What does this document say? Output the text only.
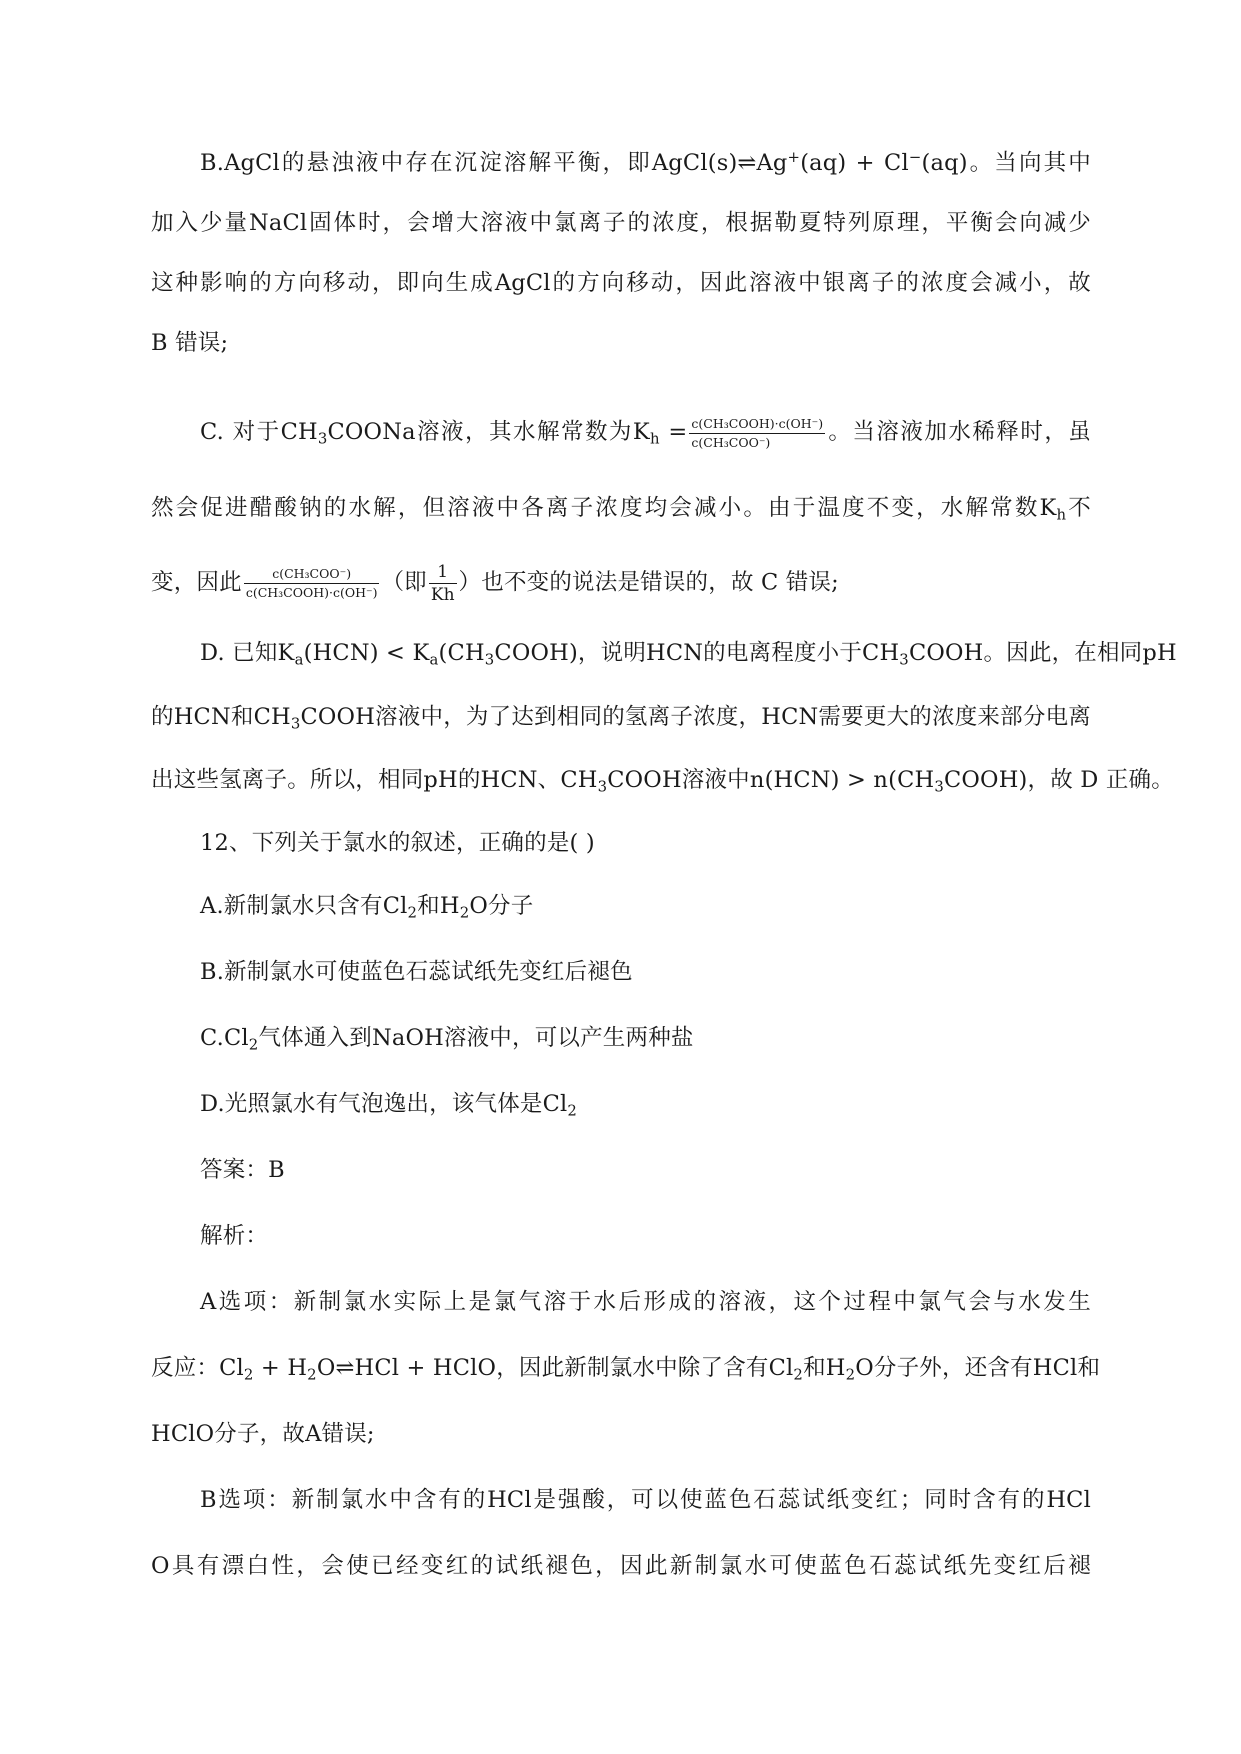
B.AgCl的悬浊液中存在沉淀溶解平衡，即AgCl(s)⇌Ag+(aq) + Cl−(aq)。当向其中
加入少量NaCl固体时，会增大溶液中氯离子的浓度，根据勒夏特列原理，平衡会向减少
这种影响的方向移动，即向生成AgCl的方向移动，因此溶液中银离子的浓度会减小，故
B 错误;
C. 对于$CH_3COONa$溶液，其水解常数为$K_h = \frac{\text{c(CH₃COOH)·c(OH⁻)}}{\text{c(CH₃COO⁻)}}$ 。当溶液加水稀释时，虽
然会促进醋酸钠的水解，但溶液中各离子浓度均会减小。由于温度不变，水解常数$K_h$不
变，因此 $\frac{\text{c(CH₃COO⁻)}}{\text{c(CH₃COOH)·c(OH⁻)}}$ （即 $\frac{1}{Kh}$ ）也不变的说法是错误的，故 C 错误;
D. 已知$K_a(HCN)$ < $K_a(CH_3COOH)$，说明HCN的电离程度小于$CH_3COOH$。因此，在相同pH
的HCN和$CH_3COOH$溶液中，为了达到相同的氢离子浓度，HCN需要更大的浓度来部分电离
出这些氢离子。所以，相同pH的HCN、$CH_3COOH$溶液中$n(HCN) > n(CH_3COOH)$，故 D 正确。
12、下列关于氯水的叙述，正确的是( )
A.新制氯水只含有$Cl_2$和$H_2O$分子
B.新制氯水可使蓝色石蕊试纸先变红后褪色
$C.Cl_2$气体通入到NaOH溶液中，可以产生两种盐
D.光照氯水有气泡逸出，该气体是$Cl_2$
答案：B
解析：
A选项：新制氯水实际上是氯气溶于水后形成的溶液，这个过程中氯气会与水发生
反应：$Cl_2$ + $H_2O\rightleftharpoons HCl$ + HClO，因此新制氯水中除了含有$Cl_2$和$H_2O$分子外，还含有HCl和
HClO分子，故A错误;
B选项：新制氯水中含有的HCl是强酸，可以使蓝色石蕊试纸变红；同时含有的HCl
O具有漂白性，会使已经变红的试纸褪色，因此新制氯水可使蓝色石蕊试纸先变红后褪
